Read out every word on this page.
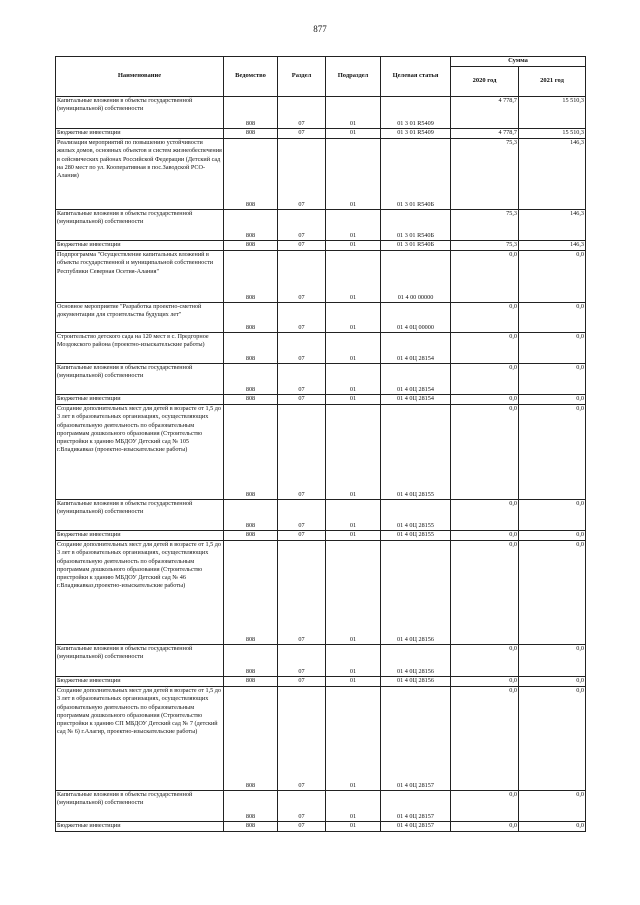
877
Наименование	Ведомство	Раздел	Подраздел	Целевая статья	Сумма	
					2020 год	2021 год
Капитальные вложения в объекты государственной (муниципальной) собственности	808	07	01	01 3 01 R5409	4 778,7	15 510,3
Бюджетные инвестиции	808	07	01	01 3 01 R5409	4 778,7	15 510,3
Реализация мероприятий по повышению устойчивости жилых домов, основных объектов и систем жизнеобеспечения в сейсмических районах Российской Федерации (Детский сад на 280 мест по ул. Кооперативная в пос.Заводской РСО-Алания)	808	07	01	01 3 01 R540Б	75,3	146,3
Капитальные вложения в объекты государственной (муниципальной) собственности	808	07	01	01 3 01 R540Б	75,3	146,3
Бюджетные инвестиции	808	07	01	01 3 01 R540Б	75,3	146,3
Подпрограмма "Осуществление капитальных вложений в объекты государственной и муниципальной собственности Республики Северная Осетия-Алания"	808	07	01	01 4 00 00000	0,0	0,0
Основное мероприятие "Разработка проектно-сметной документации для строительства будущих лет"	808	07	01	01 4 0Ц 00000	0,0	0,0
Строительство детского сада на 120 мест в с. Предгорное Моздокского района (проектно-изыскательские работы)	808	07	01	01 4 0Ц 28154	0,0	0,0
Капитальные вложения в объекты государственной (муниципальной) собственности	808	07	01	01 4 0Ц 28154	0,0	0,0
Бюджетные инвестиции	808	07	01	01 4 0Ц 28154	0,0	0,0
Создание дополнительных мест для детей в возрасте от 1,5 до 3 лет в образовательных организациях, осуществляющих образовательную деятельность по образовательным программам дошкольного образования (Строительство пристройки к зданию МБДОУ Детский сад № 105 г.Владикавказ (проектно-изыскательские работы)	808	07	01	01 4 0Ц 28155	0,0	0,0
Капитальные вложения в объекты государственной (муниципальной) собственности	808	07	01	01 4 0Ц 28155	0,0	0,0
Бюджетные инвестиции	808	07	01	01 4 0Ц 28155	0,0	0,0
Создание дополнительных мест для детей в возрасте от 1,5 до 3 лет в образовательных организациях, осуществляющих образовательную деятельность по образовательным программам дошкольного образования (Строительство пристройки к зданию МБДОУ Детский сад № 46 г.Владикавказ,проектно-изыскательские работы)	808	07	01	01 4 0Ц 28156	0,0	0,0
Капитальные вложения в объекты государственной (муниципальной) собственности	808	07	01	01 4 0Ц 28156	0,0	0,0
Бюджетные инвестиции	808	07	01	01 4 0Ц 28156	0,0	0,0
Создание дополнительных мест для детей в возрасте от 1,5 до 3 лет в образовательных организациях, осуществляющих образовательную деятельность по образовательным программам дошкольного образования (Строительство пристройки к зданию СП МБДОУ Детский сад № 7 (детский сад № 6) г.Алагир, проектно-изыскательские работы)	808	07	01	01 4 0Ц 28157	0,0	0,0
Капитальные вложения в объекты государственной (муниципальной) собственности	808	07	01	01 4 0Ц 28157	0,0	0,0
Бюджетные инвестиции	808	07	01	01 4 0Ц 28157	0,0	0,0
